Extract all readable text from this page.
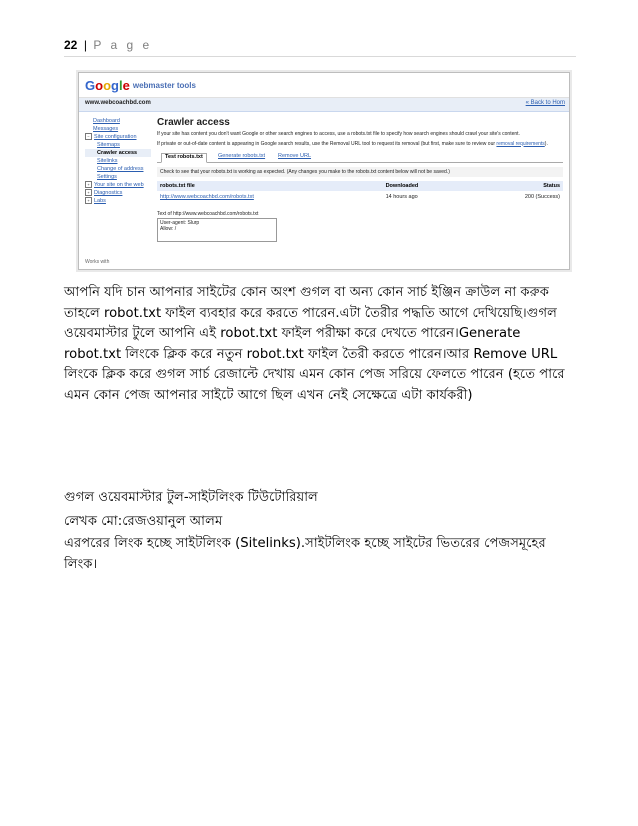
22 | P a g e
Google webmaster tools
www.webcoachbd.com	« Back to Hom
Dashboard
Messages
− Site configuration
Sitemaps
Crawler access
Sitelinks
Change of address
Settings
+ Your site on the web
+ Diagnostics
+ Labs
Works with
Crawler access
If your site has content you don't want Google or other search engines to access, use a robots.txt file to specify how search engines should crawl your site's content.
If private or out-of-date content is appearing in Google search results, use the Removal URL tool to request its removal (but first, make sure to review our removal requirements).
Test robots.txt	Generate robots.txt	Remove URL
Check to see that your robots.txt is working as expected. (Any changes you make to the robots.txt content below will not be saved.)
robots.txt file	Downloaded	Status
http://www.webcoachbd.com/robots.txt	14 hours ago	200 (Success)
Text of http://www.webcoachbd.com/robots.txt
User-agent: Slurp
Allow: /

আপনি যদি চান আপনার সাইটের কোন অংশ গুগল বা অন্য কোন সার্চ ইঞ্জিন ক্রাউল না করুক তাহলে robot.txt ফাইল ব্যবহার করে করতে পারেন.এটা তৈরীর পদ্ধতি আগে দেখিয়েছি।গুগল ওয়েবমাস্টার টুলে আপনি এই robot.txt ফাইল পরীক্ষা করে দেখতে পারেন।Generate robot.txt লিংকে ক্লিক করে নতুন robot.txt ফাইল তৈরী করতে পারেন।আর Remove URL লিংকে ক্লিক করে গুগল সার্চ রেজাল্টে দেখায় এমন কোন পেজ সরিয়ে ফেলতে পারেন (হতে পারে এমন কোন পেজ আপনার সাইটে আগে ছিল এখন নেই সেক্ষেত্রে এটা কার্যকরী)

গুগল ওয়েবমাস্টার টুল-সাইটলিংক টিউটোরিয়াল

লেখক মো:রেজওয়ানুল আলম

এরপরের লিংক হচ্ছে সাইটলিংক (Sitelinks).সাইটলিংক হচ্ছে সাইটের ভিতরের পেজসমূহের লিংক।
